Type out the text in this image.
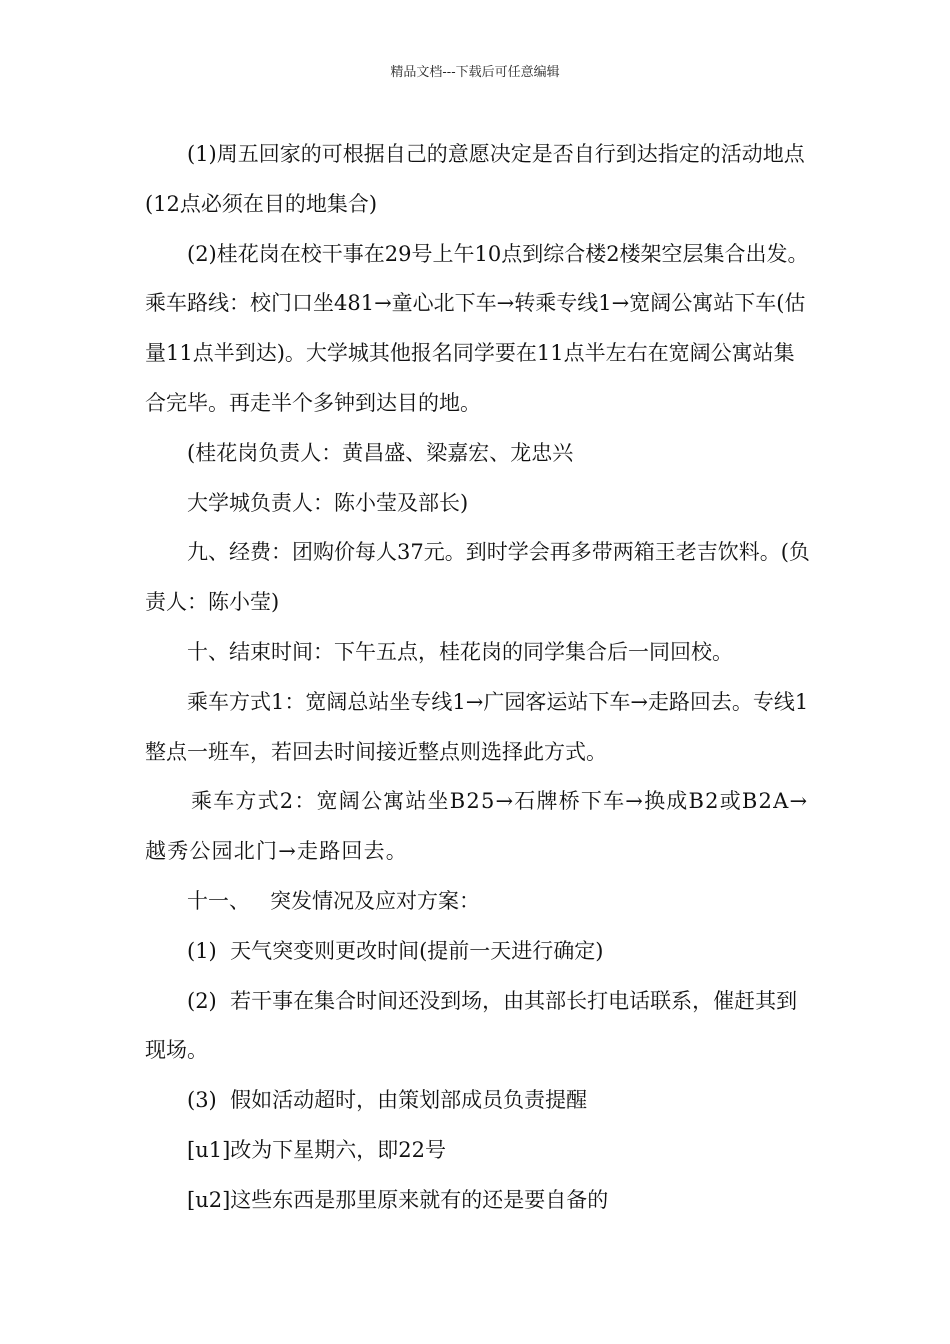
精品文档---下载后可任意编辑

(1)周五回家的可根据自己的意愿决定是否自行到达指定的活动地点(12点必须在目的地集合)

(2)桂花岗在校干事在29号上午10点到综合楼2楼架空层集合出发。乘车路线：校门口坐481→童心北下车→转乘专线1→宽阔公寓站下车(估量11点半到达)。大学城其他报名同学要在11点半左右在宽阔公寓站集合完毕。再走半个多钟到达目的地。

(桂花岗负责人：黄昌盛、梁嘉宏、龙忠兴

大学城负责人：陈小莹及部长)

九、经费：团购价每人37元。到时学会再多带两箱王老吉饮料。(负责人：陈小莹)

十、结束时间：下午五点，桂花岗的同学集合后一同回校。

乘车方式1：宽阔总站坐专线1→广园客运站下车→走路回去。专线1整点一班车，若回去时间接近整点则选择此方式。

乘车方式2：宽阔公寓站坐B25→石牌桥下车→换成B2或B2A→越秀公园北门→走路回去。

十一、   突发情况及应对方案：

(1)  天气突变则更改时间(提前一天进行确定)

(2)  若干事在集合时间还没到场，由其部长打电话联系，催赶其到现场。

(3)  假如活动超时，由策划部成员负责提醒

[u1]改为下星期六，即22号

[u2]这些东西是那里原来就有的还是要自备的
